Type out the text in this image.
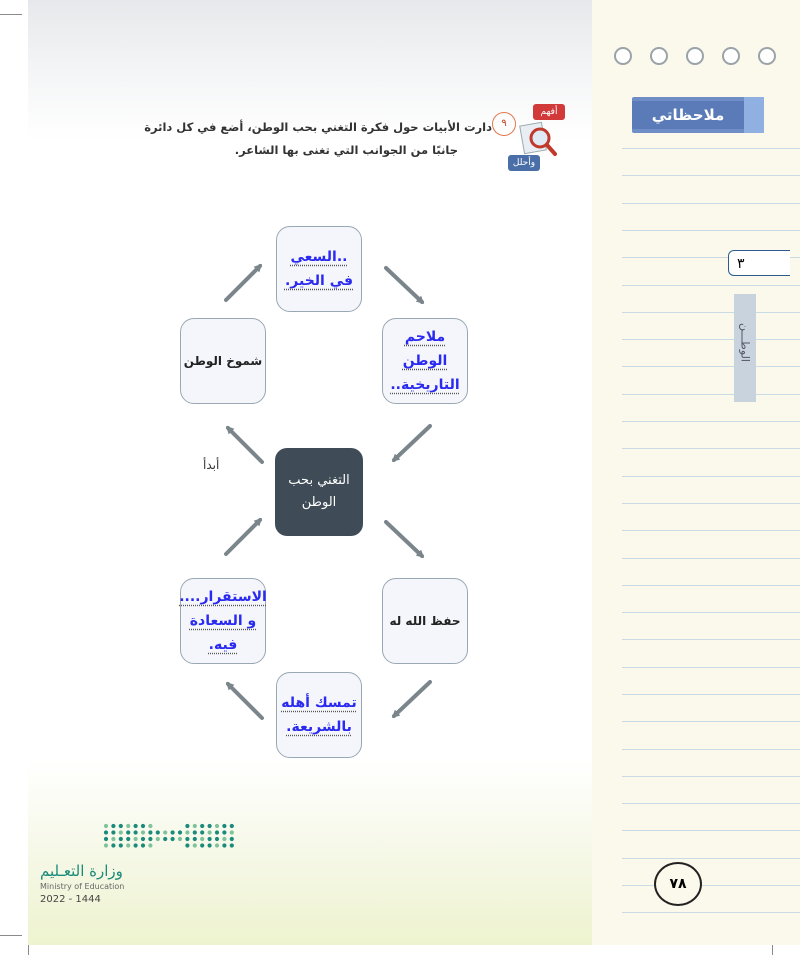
ملاحظاتي
٣
الوطـــن
٧٨
أفهم
وأحلل
٩
دارت الأبيات حول فكرة التغني بحب الوطن، أضع في كل دائرة
جانبًا من الجوانب التي تغنى بها الشاعر.
..السعي في الخير.
ملاحم الوطن التاريخية..
حفظ الله له
تمسك أهله بالشريعة.
الاستقرار.... و السعادة فيه.
شموخ الوطن
التغني بحب الوطن
أبدأ
وزارة التعـليم
Ministry of Education
2022 - 1444
